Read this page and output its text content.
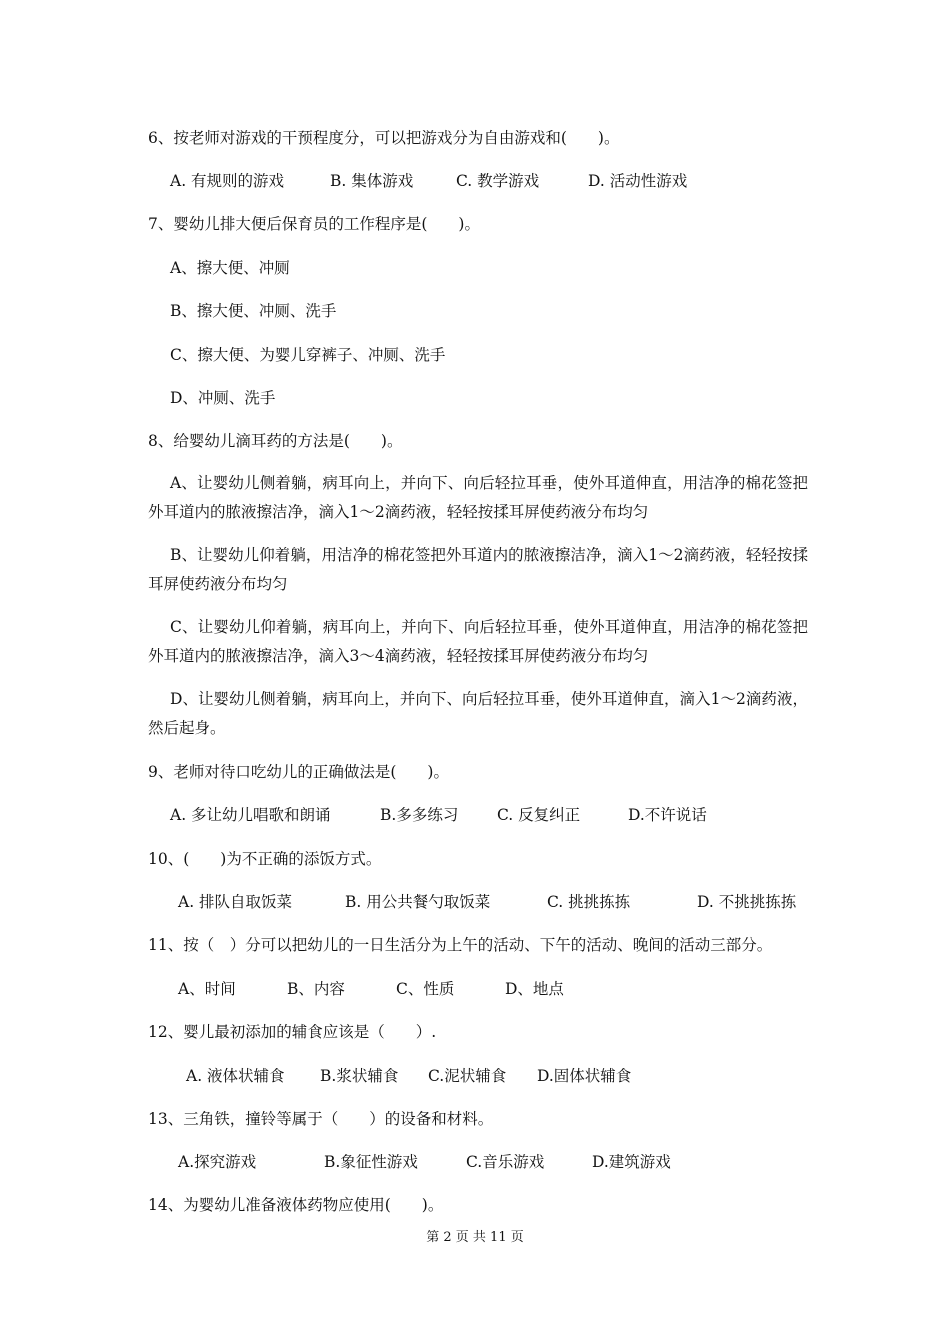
6、按老师对游戏的干预程度分，可以把游戏分为自由游戏和(　　)。
A. 有规则的游戏	B. 集体游戏	C. 教学游戏	D. 活动性游戏
7、婴幼儿排大便后保育员的工作程序是(　　)。
A、擦大便、冲厕
B、擦大便、冲厕、洗手
C、擦大便、为婴儿穿裤子、冲厕、洗手
D、冲厕、洗手
8、给婴幼儿滴耳药的方法是(　　)。
A、让婴幼儿侧着躺，病耳向上，并向下、向后轻拉耳垂，使外耳道伸直，用洁净的棉花签把外耳道内的脓液擦洁净，滴入1～2滴药液，轻轻按揉耳屏使药液分布均匀
B、让婴幼儿仰着躺，用洁净的棉花签把外耳道内的脓液擦洁净，滴入1～2滴药液，轻轻按揉耳屏使药液分布均匀
C、让婴幼儿仰着躺，病耳向上，并向下、向后轻拉耳垂，使外耳道伸直，用洁净的棉花签把外耳道内的脓液擦洁净，滴入3～4滴药液，轻轻按揉耳屏使药液分布均匀
D、让婴幼儿侧着躺，病耳向上，并向下、向后轻拉耳垂，使外耳道伸直，滴入1～2滴药液，然后起身。
9、老师对待口吃幼儿的正确做法是(　　)。
A. 多让幼儿唱歌和朗诵	B.多多练习 C. 反复纠正	D.不许说话
10、(　　)为不正确的添饭方式。
A. 排队自取饭菜	B. 用公共餐勺取饭菜	C. 挑挑拣拣	D. 不挑挑拣拣
11、按（　）分可以把幼儿的一日生活分为上午的活动、下午的活动、晚间的活动三部分。
A、时间	B、内容	C、性质	D、地点
12、婴儿最初添加的辅食应该是（　　）.
A. 液体状辅食 B.浆状辅食 C.泥状辅食 D.固体状辅食
13、三角铁，撞铃等属于（　　）的设备和材料。
A.探究游戏	B.象征性游戏	C.音乐游戏	D.建筑游戏
14、为婴幼儿准备液体药物应使用(　　)。
第 2 页 共 11 页
